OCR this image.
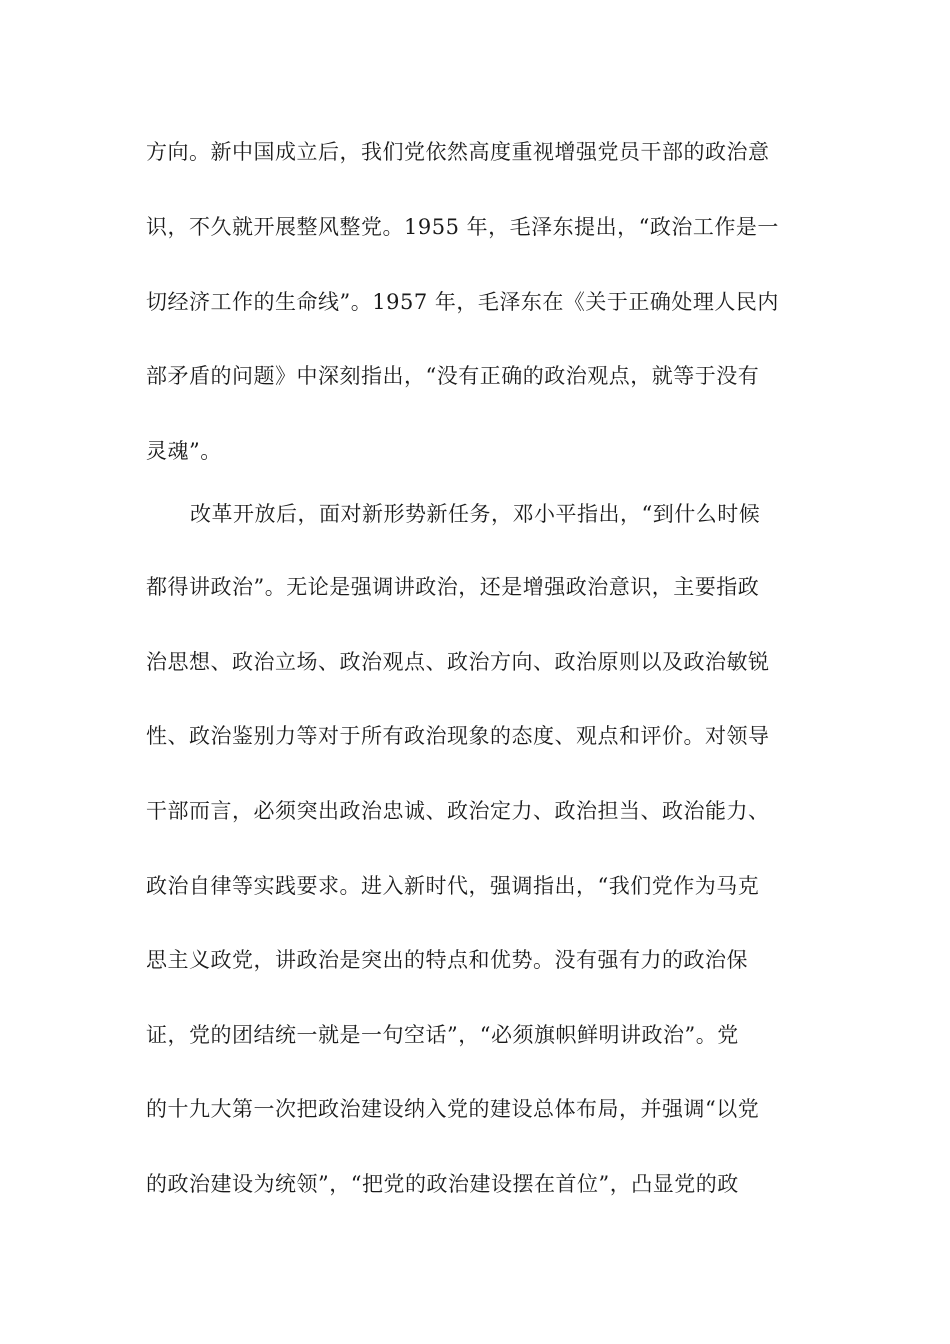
方向。新中国成立后，我们党依然高度重视增强党员干部的政治意
识，不久就开展整风整党。1955 年，毛泽东提出，“政治工作是一
切经济工作的生命线”。1957 年，毛泽东在《关于正确处理人民内
部矛盾的问题》中深刻指出，“没有正确的政治观点，就等于没有
灵魂”。
改革开放后，面对新形势新任务，邓小平指出，“到什么时候
都得讲政治”。无论是强调讲政治，还是增强政治意识，主要指政
治思想、政治立场、政治观点、政治方向、政治原则以及政治敏锐
性、政治鉴别力等对于所有政治现象的态度、观点和评价。对领导
干部而言，必须突出政治忠诚、政治定力、政治担当、政治能力、
政治自律等实践要求。进入新时代，强调指出，“我们党作为马克
思主义政党，讲政治是突出的特点和优势。没有强有力的政治保
证，党的团结统一就是一句空话”，“必须旗帜鲜明讲政治”。党
的十九大第一次把政治建设纳入党的建设总体布局，并强调“以党
的政治建设为统领”，“把党的政治建设摆在首位”，凸显党的政
